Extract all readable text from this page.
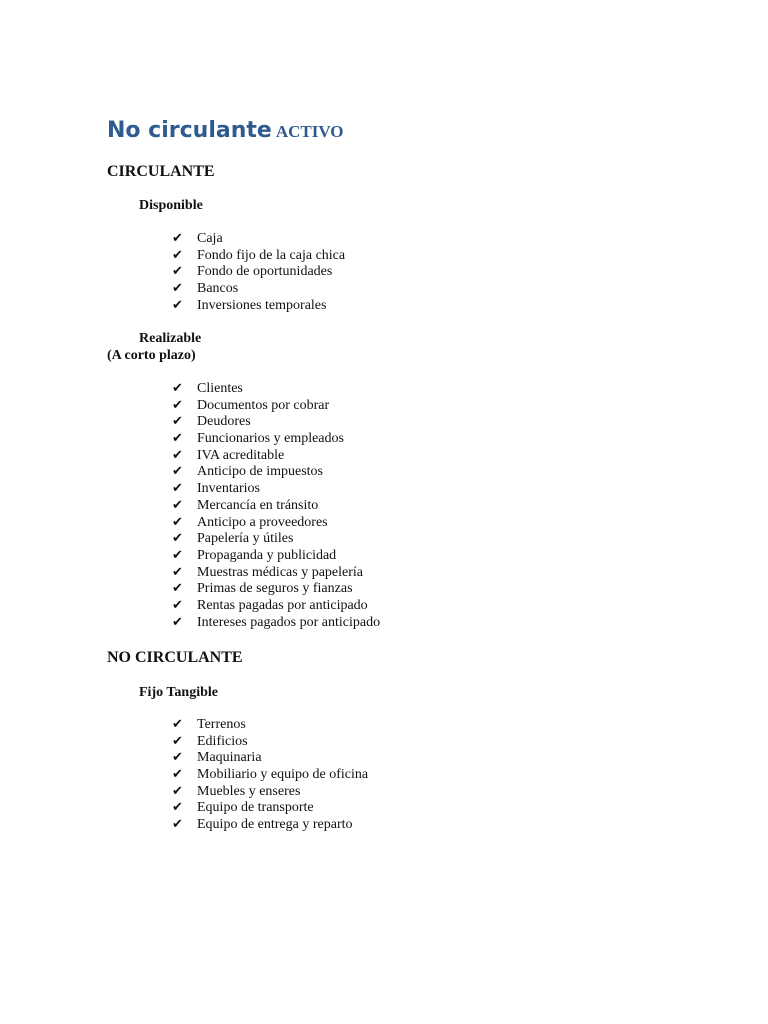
No circulante ACTIVO
CIRCULANTE
Disponible
✔	Caja
✔	Fondo fijo de la caja chica
✔	Fondo de oportunidades
✔	Bancos
✔	Inversiones temporales
Realizable
(A corto plazo)
✔	Clientes
✔	Documentos por cobrar
✔	Deudores
✔	Funcionarios y empleados
✔	IVA acreditable
✔	Anticipo de impuestos
✔	Inventarios
✔	Mercancía en tránsito
✔	Anticipo a proveedores
✔	Papelería y útiles
✔	Propaganda y publicidad
✔	Muestras médicas y papelería
✔	Primas de seguros y fianzas
✔	Rentas pagadas por anticipado
✔	Intereses pagados por anticipado
NO CIRCULANTE
Fijo Tangible
✔	Terrenos
✔	Edificios
✔	Maquinaria
✔	Mobiliario y equipo de oficina
✔	Muebles y enseres
✔	Equipo de transporte
✔	Equipo de entrega y reparto
